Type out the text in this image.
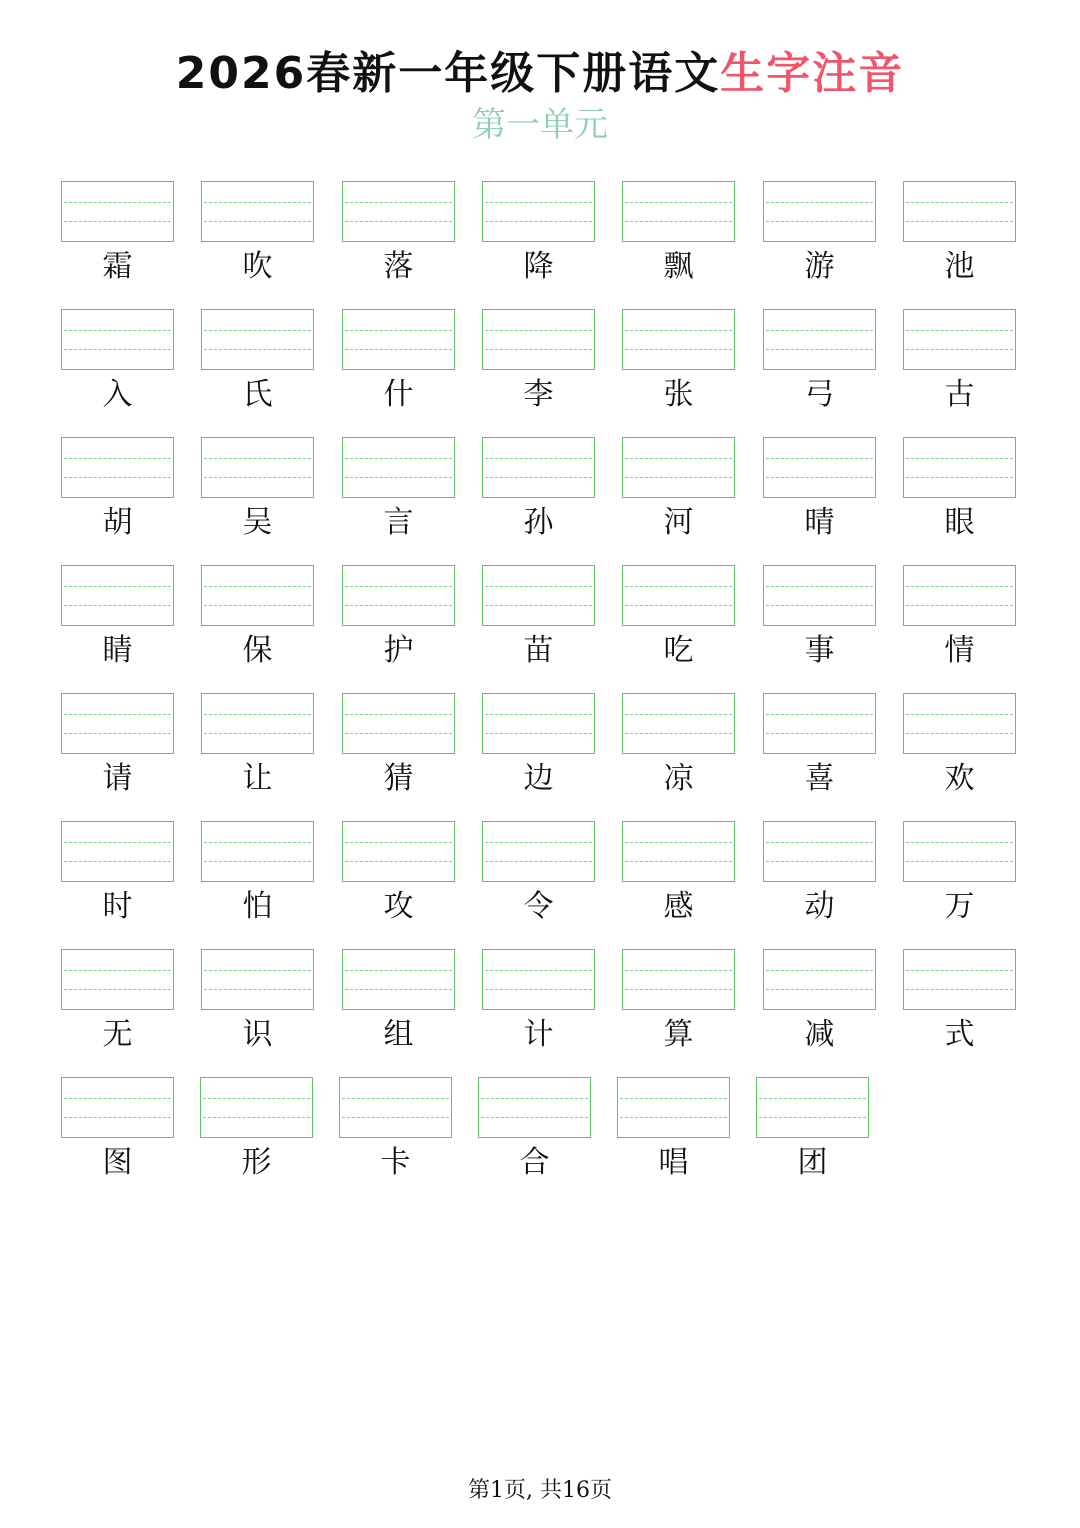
2026春新一年级下册语文生字注音
第一单元
霜	吹	落	降	飘	游	池
入	氏	什	李	张	弓	古
胡	吴	言	孙	河	晴	眼
睛	保	护	苗	吃	事	情
请	让	猜	边	凉	喜	欢
时	怕	攻	令	感	动	万
无	识	组	计	算	减	式
图	形	卡	合	唱	团
第1页, 共16页
